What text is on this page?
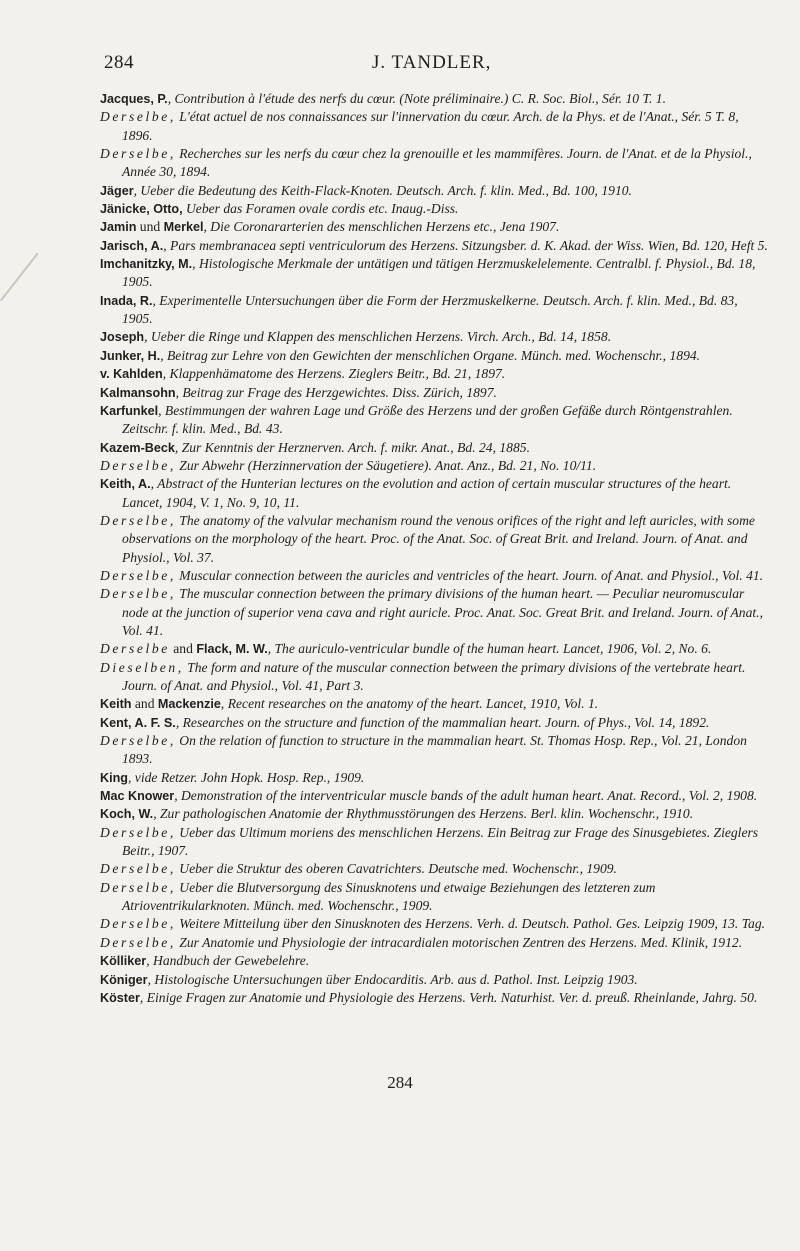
284	J. TANDLER,

Jacques, P., Contribution à l'étude des nerfs du cœur. (Note préliminaire.) C. R. Soc. Biol., Sér. 10 T. 1.

Derselbe, L'état actuel de nos connaissances sur l'innervation du cœur. Arch. de la Phys. et de l'Anat., Sér. 5 T. 8, 1896.

Derselbe, Recherches sur les nerfs du cœur chez la grenouille et les mammifères. Journ. de l'Anat. et de la Physiol., Année 30, 1894.

Jäger, Ueber die Bedeutung des Keith-Flack-Knoten. Deutsch. Arch. f. klin. Med., Bd. 100, 1910.

Jänicke, Otto, Ueber das Foramen ovale cordis etc. Inaug.-Diss.

Jamin und Merkel, Die Coronararterien des menschlichen Herzens etc., Jena 1907.

Jarisch, A., Pars membranacea septi ventriculorum des Herzens. Sitzungsber. d. K. Akad. der Wiss. Wien, Bd. 120, Heft 5.

Imchanitzky, M., Histologische Merkmale der untätigen und tätigen Herzmuskelelemente. Centralbl. f. Physiol., Bd. 18, 1905.

Inada, R., Experimentelle Untersuchungen über die Form der Herzmuskelkerne. Deutsch. Arch. f. klin. Med., Bd. 83, 1905.

Joseph, Ueber die Ringe und Klappen des menschlichen Herzens. Virch. Arch., Bd. 14, 1858.

Junker, H., Beitrag zur Lehre von den Gewichten der menschlichen Organe. Münch. med. Wochenschr., 1894.

v. Kahlden, Klappenhämatome des Herzens. Zieglers Beitr., Bd. 21, 1897.

Kalmansohn, Beitrag zur Frage des Herzgewichtes. Diss. Zürich, 1897.

Karfunkel, Bestimmungen der wahren Lage und Größe des Herzens und der großen Gefäße durch Röntgenstrahlen. Zeitschr. f. klin. Med., Bd. 43.

Kazem-Beck, Zur Kenntnis der Herznerven. Arch. f. mikr. Anat., Bd. 24, 1885.

Derselbe, Zur Abwehr (Herzinnervation der Säugetiere). Anat. Anz., Bd. 21, No. 10/11.

Keith, A., Abstract of the Hunterian lectures on the evolution and action of certain muscular structures of the heart. Lancet, 1904, V. 1, No. 9, 10, 11.

Derselbe, The anatomy of the valvular mechanism round the venous orifices of the right and left auricles, with some observations on the morphology of the heart. Proc. of the Anat. Soc. of Great Brit. and Ireland. Journ. of Anat. and Physiol., Vol. 37.

Derselbe, Muscular connection between the auricles and ventricles of the heart. Journ. of Anat. and Physiol., Vol. 41.

Derselbe, The muscular connection between the primary divisions of the human heart. — Peculiar neuromuscular node at the junction of superior vena cava and right auricle. Proc. Anat. Soc. Great Brit. and Ireland. Journ. of Anat., Vol. 41.

Derselbe and Flack, M. W., The auriculo-ventricular bundle of the human heart. Lancet, 1906, Vol. 2, No. 6.

Dieselben, The form and nature of the muscular connection between the primary divisions of the vertebrate heart. Journ. of Anat. and Physiol., Vol. 41, Part 3.

Keith and Mackenzie, Recent researches on the anatomy of the heart. Lancet, 1910, Vol. 1.

Kent, A. F. S., Researches on the structure and function of the mammalian heart. Journ. of Phys., Vol. 14, 1892.

Derselbe, On the relation of function to structure in the mammalian heart. St. Thomas Hosp. Rep., Vol. 21, London 1893.

King, vide Retzer. John Hopk. Hosp. Rep., 1909.

Mac Knower, Demonstration of the interventricular muscle bands of the adult human heart. Anat. Record., Vol. 2, 1908.

Koch, W., Zur pathologischen Anatomie der Rhythmusstörungen des Herzens. Berl. klin. Wochenschr., 1910.

Derselbe, Ueber das Ultimum moriens des menschlichen Herzens. Ein Beitrag zur Frage des Sinusgebietes. Zieglers Beitr., 1907.

Derselbe, Ueber die Struktur des oberen Cavatrichters. Deutsche med. Wochenschr., 1909.

Derselbe, Ueber die Blutversorgung des Sinusknotens und etwaige Beziehungen des letzteren zum Atrioventrikularknoten. Münch. med. Wochenschr., 1909.

Derselbe, Weitere Mitteilung über den Sinusknoten des Herzens. Verh. d. Deutsch. Pathol. Ges. Leipzig 1909, 13. Tag.

Derselbe, Zur Anatomie und Physiologie der intracardialen motorischen Zentren des Herzens. Med. Klinik, 1912.

Kölliker, Handbuch der Gewebelehre.

Königer, Histologische Untersuchungen über Endocarditis. Arb. aus d. Pathol. Inst. Leipzig 1903.

Köster, Einige Fragen zur Anatomie und Physiologie des Herzens. Verh. Naturhist. Ver. d. preuß. Rheinlande, Jahrg. 50.

284
